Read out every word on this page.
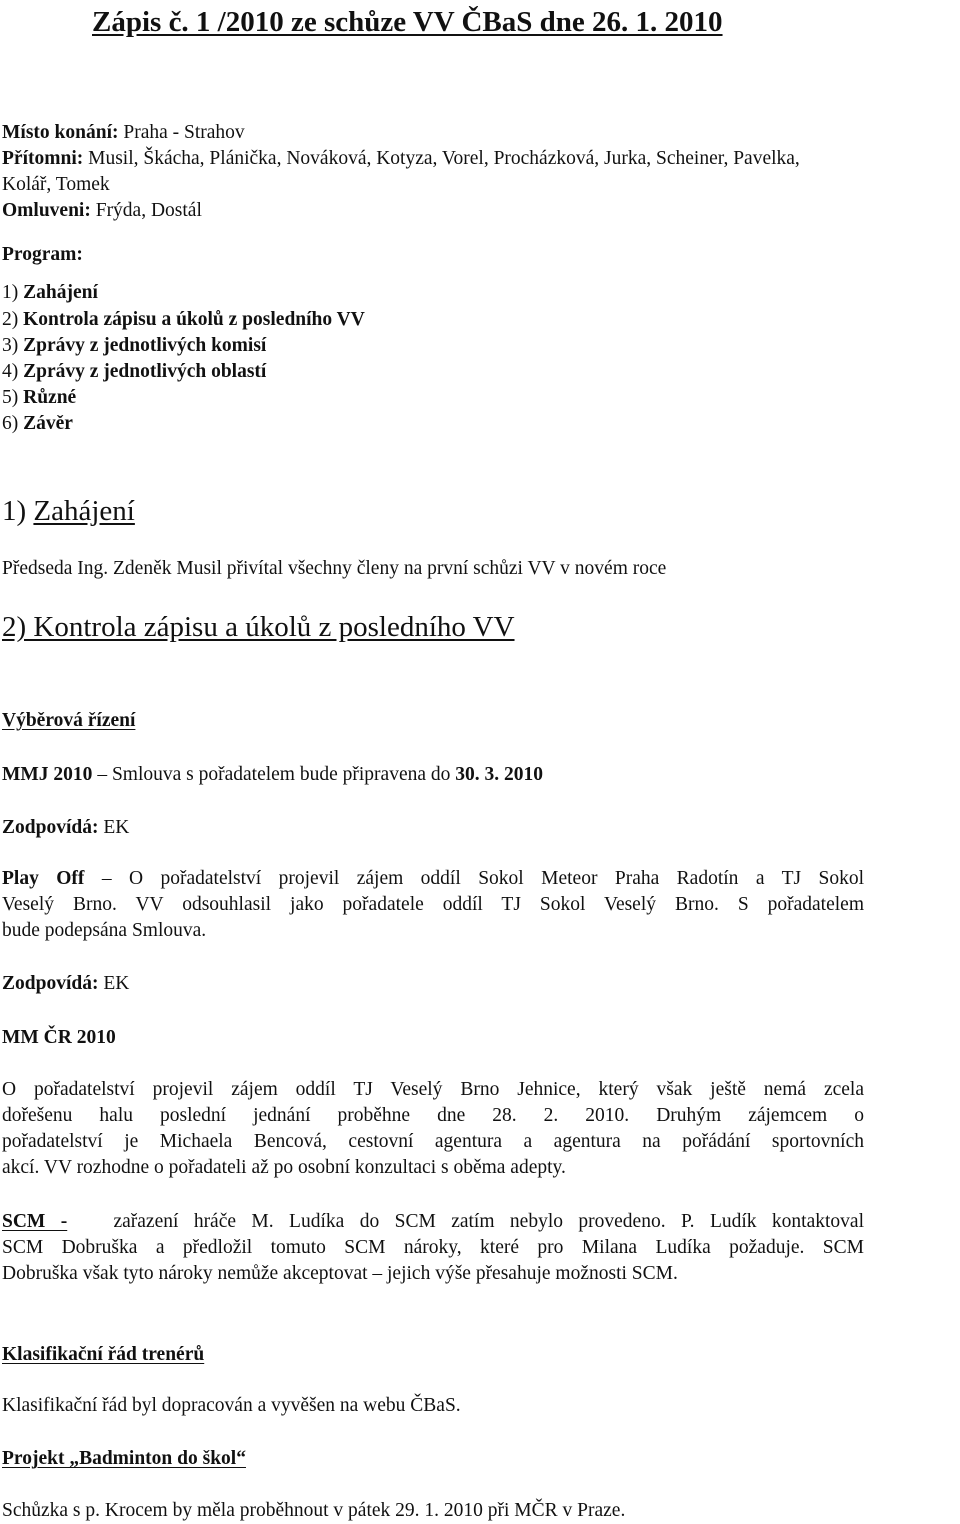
Zápis č. 1 /2010 ze schůze VV ČBaS dne 26. 1. 2010
Místo konání: Praha - Strahov
Přítomni: Musil, Škácha, Plánička, Nováková, Kotyza, Vorel, Procházková, Jurka, Scheiner, Pavelka,
Kolář, Tomek
Omluveni: Frýda, Dostál
Program:
1) Zahájení
2) Kontrola zápisu a úkolů z posledního VV
3) Zprávy z jednotlivých komisí
4) Zprávy z jednotlivých oblastí
5) Různé
6) Závěr
1) Zahájení
Předseda Ing. Zdeněk Musil přivítal všechny členy na první schůzi VV v novém roce
2) Kontrola zápisu a úkolů z posledního VV
Výběrová řízení
MMJ 2010 – Smlouva s pořadatelem bude připravena do 30. 3. 2010
Zodpovídá: EK
Play Off – O pořadatelství projevil zájem oddíl Sokol Meteor Praha Radotín a TJ Sokol
Veselý Brno. VV odsouhlasil jako pořadatele oddíl TJ Sokol Veselý Brno. S pořadatelem
bude podepsána Smlouva.
Zodpovídá: EK
MM ČR 2010
O pořadatelství projevil zájem oddíl TJ Veselý Brno Jehnice, který však ještě nemá zcela
dořešenu halu poslední jednání proběhne dne 28. 2. 2010. Druhým zájemcem o
pořadatelství je Michaela Bencová, cestovní agentura a agentura na pořádání sportovních
akcí. VV rozhodne o pořadateli až po osobní konzultaci s oběma adepty.
SCM - zařazení hráče M. Ludíka do SCM zatím nebylo provedeno. P. Ludík kontaktoval
SCM Dobruška a předložil tomuto SCM nároky, které pro Milana Ludíka požaduje. SCM
Dobruška však tyto nároky nemůže akceptovat – jejich výše přesahuje možnosti SCM.
Klasifikační řád trenérů
Klasifikační řád byl dopracován a vyvěšen na webu ČBaS.
Projekt „Badminton do škol“
Schůzka s p. Krocem by měla proběhnout v pátek 29. 1. 2010 při MČR v Praze.
